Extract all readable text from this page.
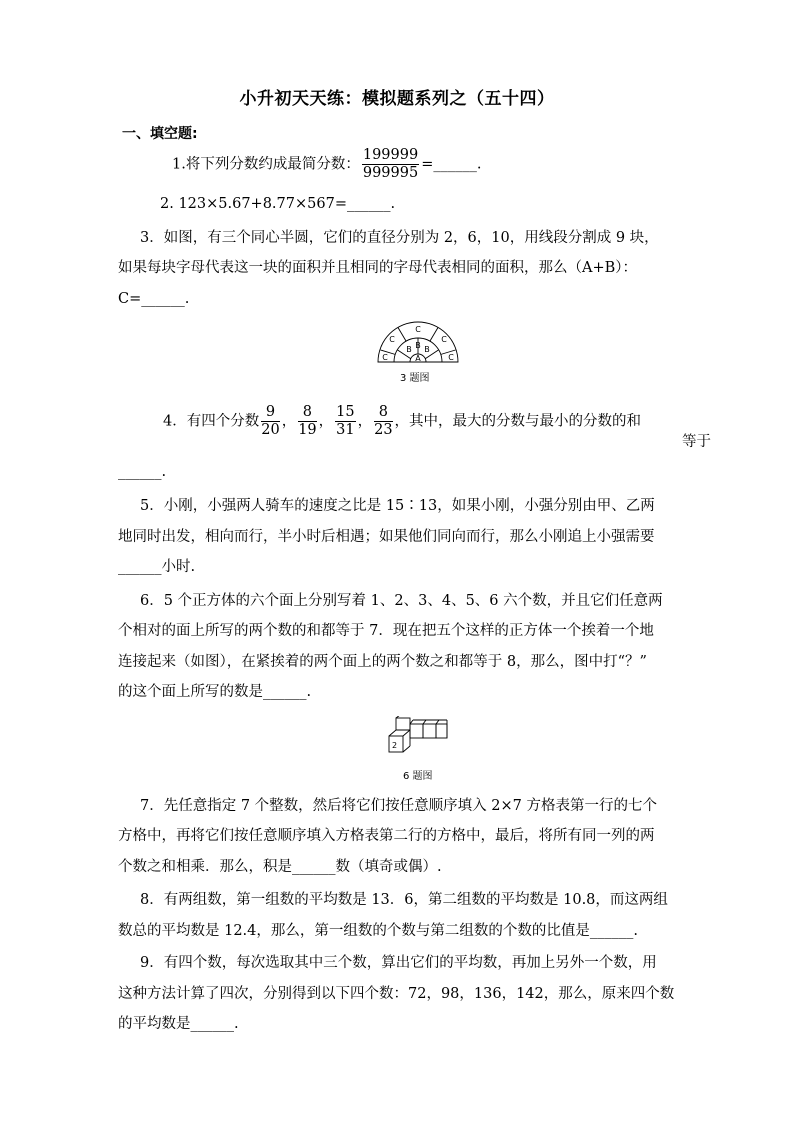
小升初天天练：模拟题系列之（五十四）
一、填空题:
1.将下列分数约成最简分数： $\frac{199999}{999995}$ =______.
2. 123×5.67+8.77×567=______.
3．如图，有三个同心半圆，它们的直径分别为 2，6，10，用线段分割成 9 块，
如果每块字母代表这一块的面积并且相同的字母代表相同的面积，那么（A+B）：
C=______.
A
B B B
C
C
C
C
C
3 题图
4．有四个分数 $\frac{9}{20}$ ， $\frac{8}{19}$ ， $\frac{15}{31}$ ， $\frac{8}{23}$ ，其中，最大的分数与最小的分数的和
等于
______.
5．小刚，小强两人骑车的速度之比是 15∶13，如果小刚，小强分别由甲、乙两
地同时出发，相向而行，半小时后相遇；如果他们同向而行，那么小刚追上小强需要
______小时.
6．5 个正方体的六个面上分别写着 1、2、3、4、5、6 六个数，并且它们任意两
个相对的面上所写的两个数的和都等于 7．现在把五个这样的正方体一个挨着一个地
连接起来（如图），在紧挨着的两个面上的两个数之和都等于 8，那么，图中打“？”
的这个面上所写的数是______.
2
6 题图
7．先任意指定 7 个整数，然后将它们按任意顺序填入 2×7 方格表第一行的七个
方格中，再将它们按任意顺序填入方格表第二行的方格中，最后，将所有同一列的两
个数之和相乘．那么，积是______数（填奇或偶）.
8．有两组数，第一组数的平均数是 13．6，第二组数的平均数是 10.8，而这两组
数总的平均数是 12.4，那么，第一组数的个数与第二组数的个数的比值是______.
9．有四个数，每次选取其中三个数，算出它们的平均数，再加上另外一个数，用
这种方法计算了四次，分别得到以下四个数：72，98，136，142，那么，原来四个数
的平均数是______.
